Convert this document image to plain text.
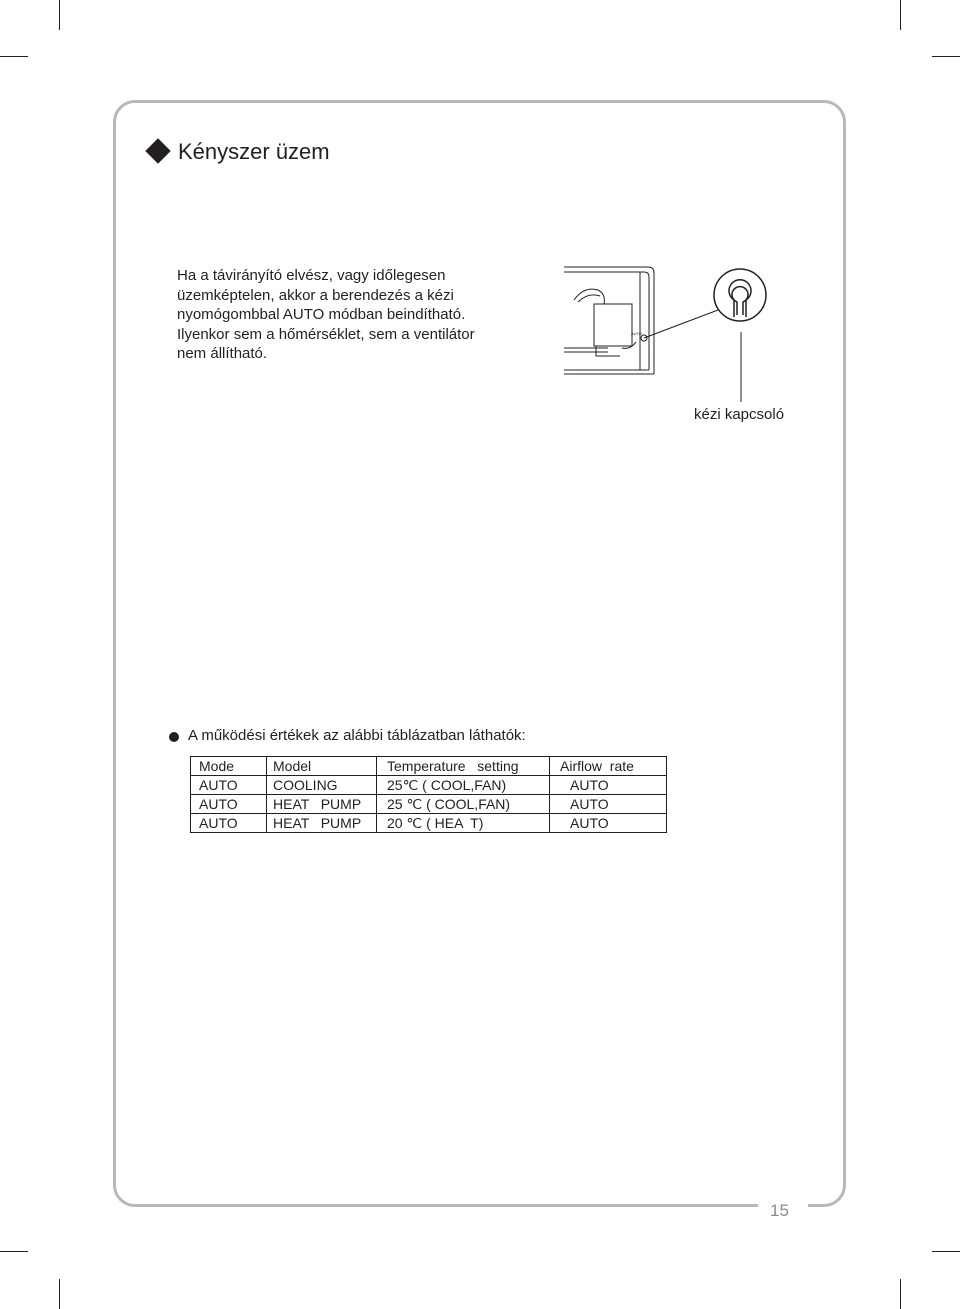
15
Kényszer üzem
Ha a távirányító elvész, vagy időlegesen
üzemképtelen, akkor a berendezés a kézi
nyomógombbal AUTO módban beindítható.
Ilyenkor sem a hőmérséklet, sem a ventilátor
nem állítható.
AUTO
kézi kapcsoló
A működési értékek az alábbi táblázatban láthatók:
Mode	Model	Temperature   setting	Airflow  rate
AUTO	COOLING	25℃ ( COOL,FAN)	AUTO
AUTO	HEAT   PUMP	25 ℃ ( COOL,FAN)	AUTO
AUTO	HEAT   PUMP	20 ℃ ( HEA  T)	AUTO
